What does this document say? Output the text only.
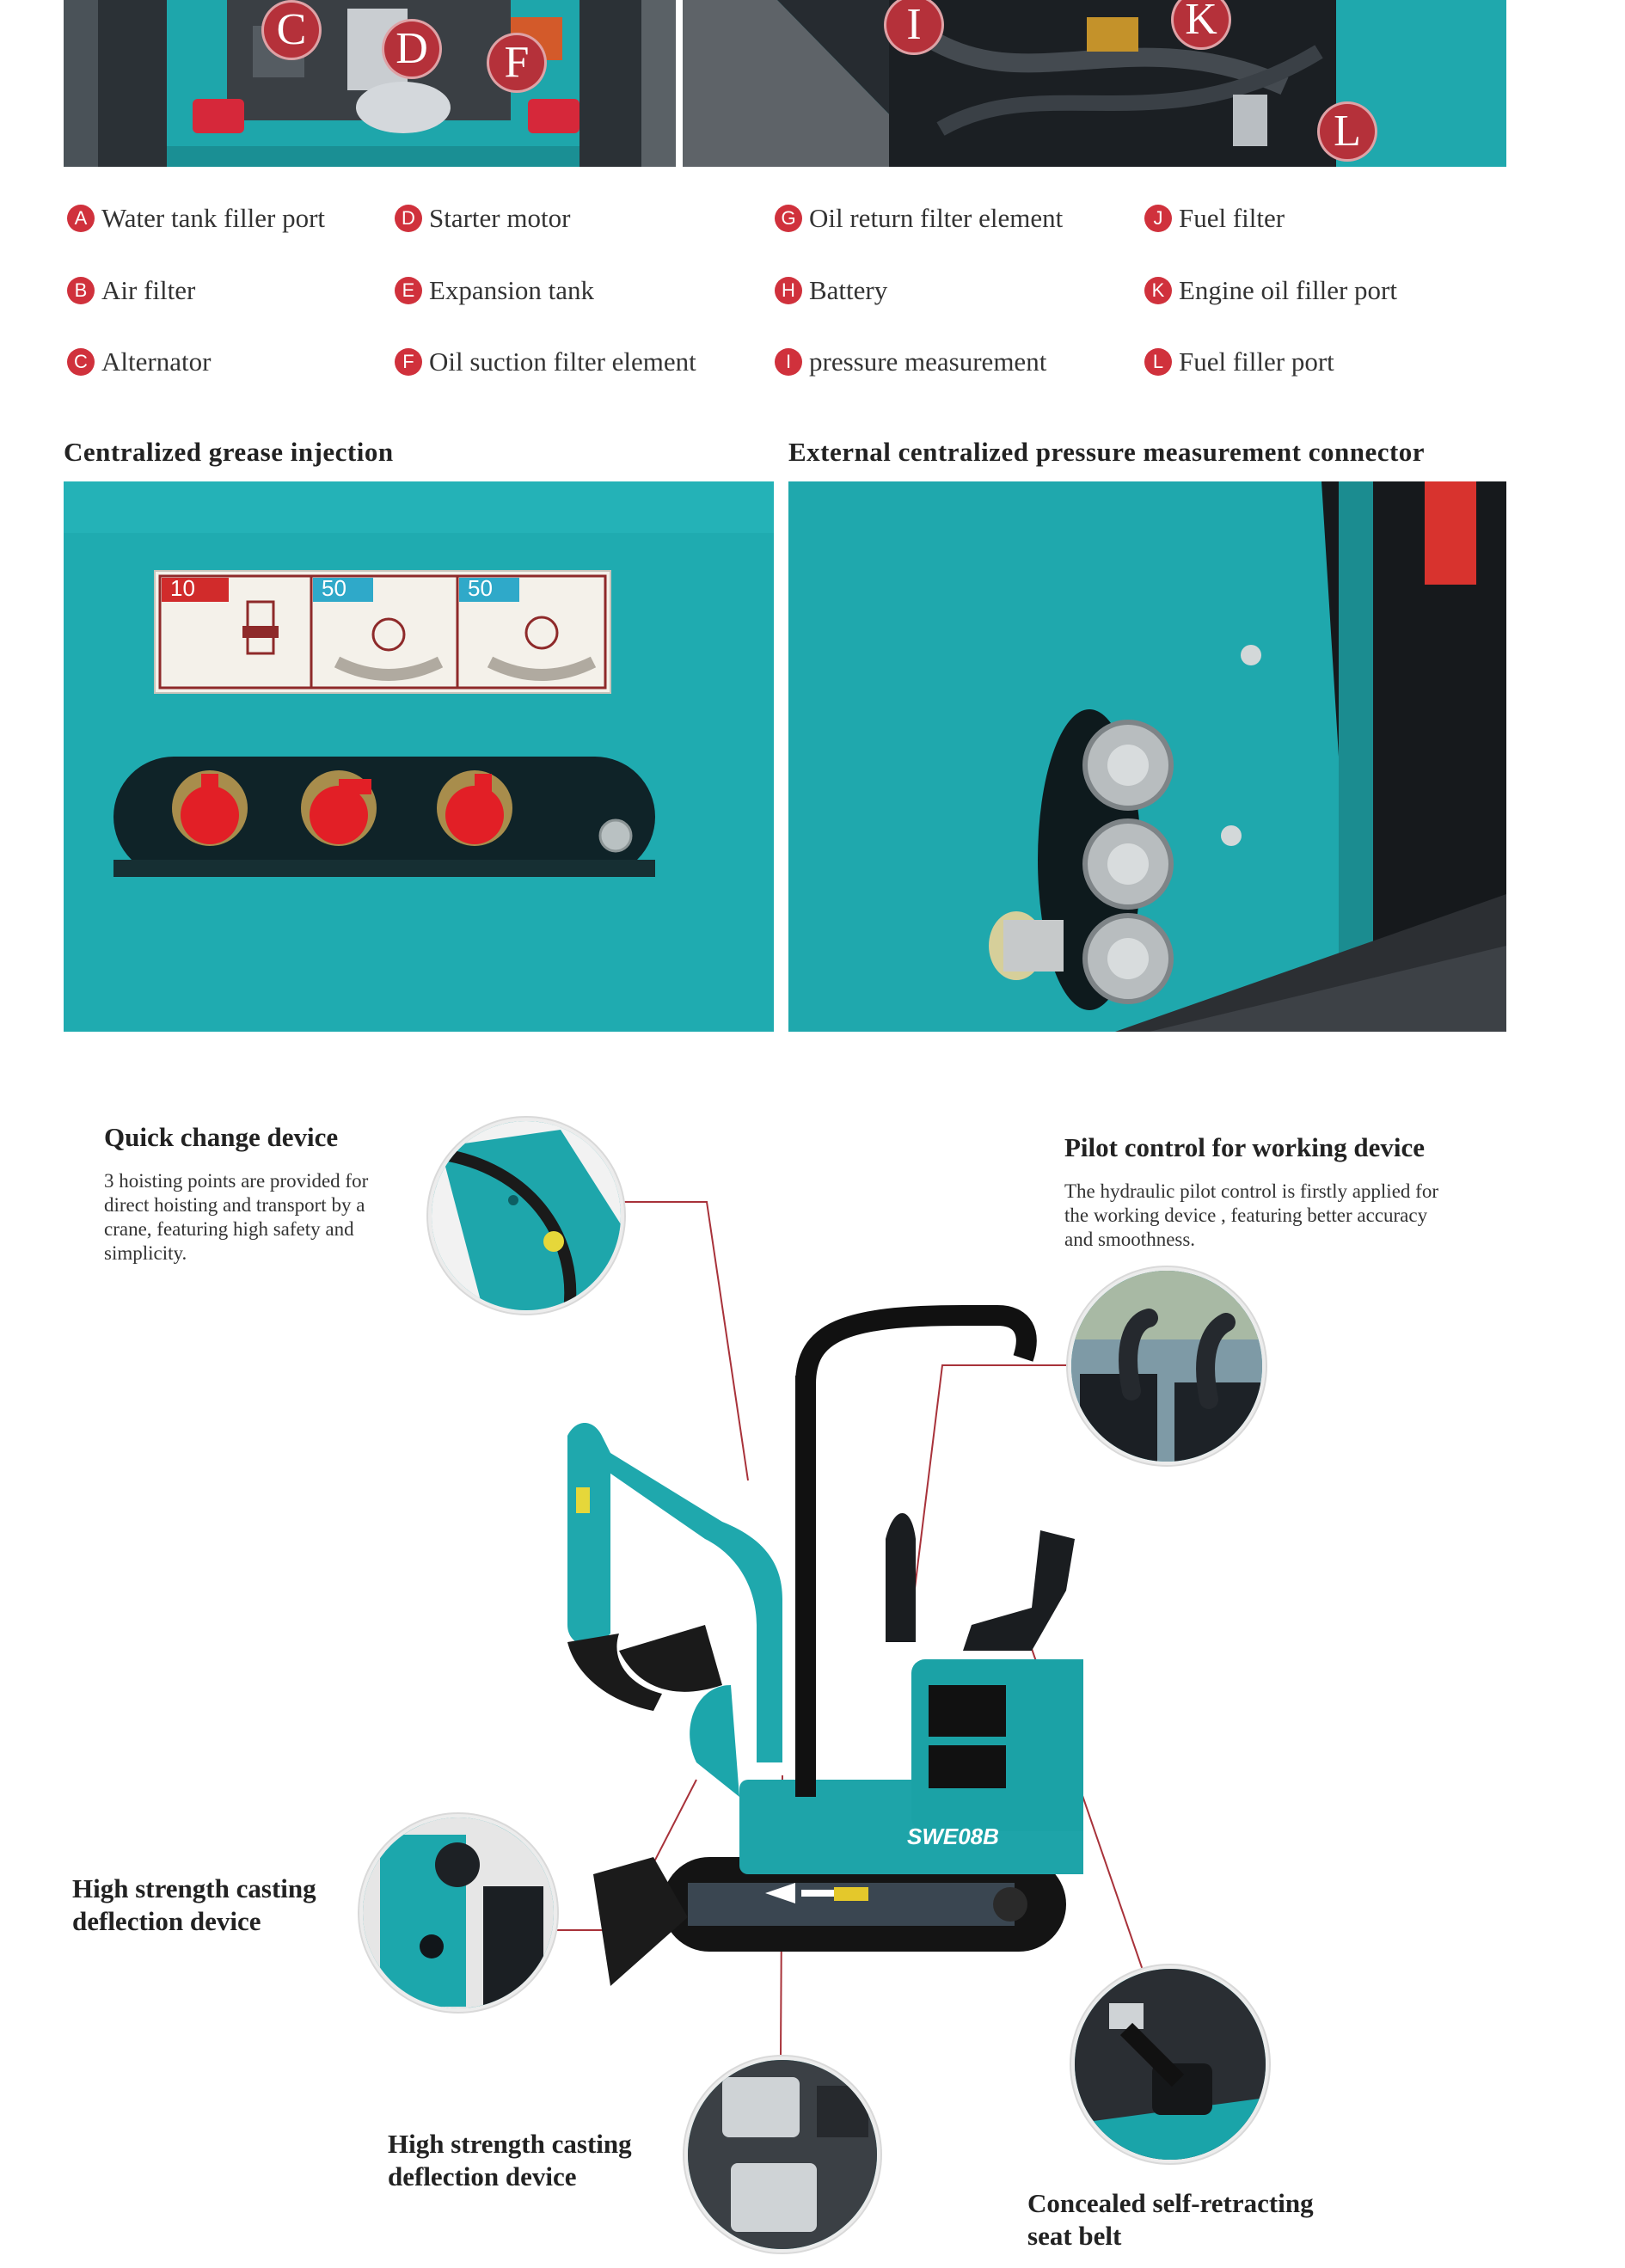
C	D	F
I	K
L
A Water tank filler port
B Air filter
C Alternator
D Starter motor
E Expansion tank
F Oil suction filter element
G Oil return filter element
H Battery
I pressure measurement
J Fuel filter
K Engine oil filler port
L Fuel filler port
Centralized grease injection	External centralized pressure measurement connector
10	50	50
Quick change device
3 hoisting points are provided for direct hoisting and transport by a crane, featuring high safety and simplicity.
Pilot control for working device
The hydraulic pilot control is firstly applied for the working device , featuring better accuracy and smoothness.
High strength casting
deflection device
High strength casting
deflection device
Concealed self-retracting
seat belt
SWE08B
